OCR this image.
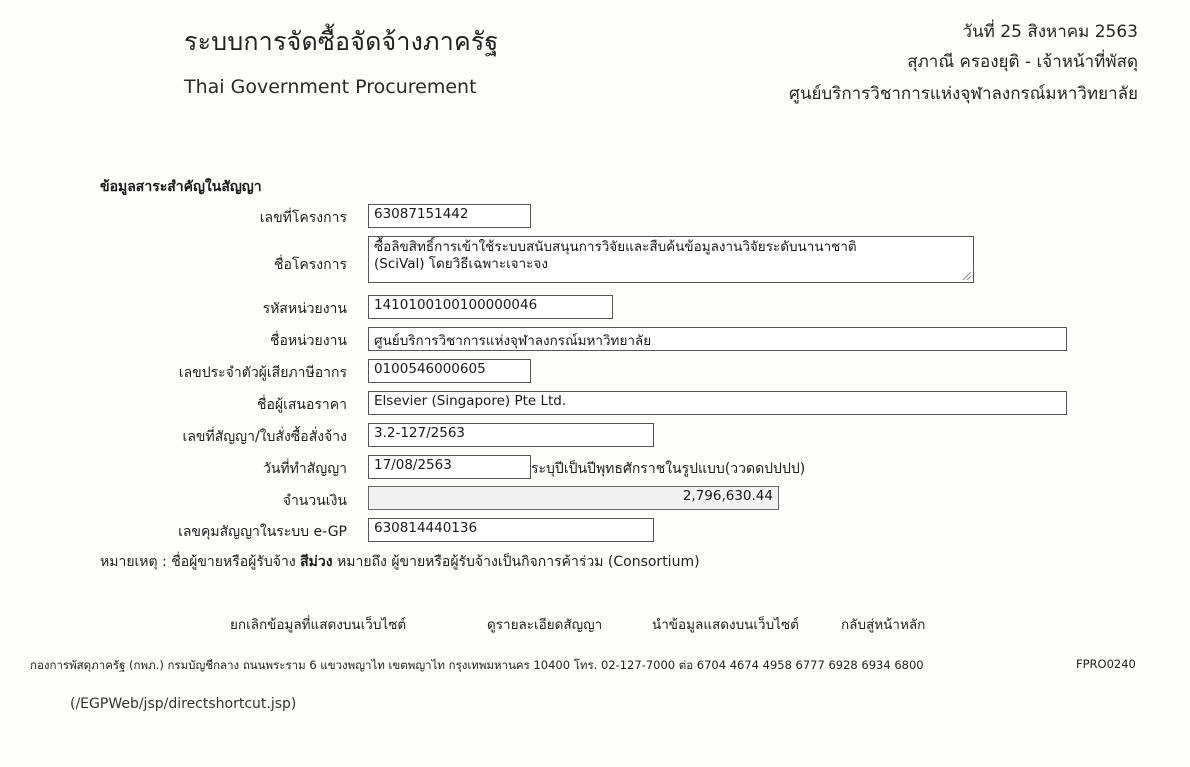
ระบบการจัดซื้อจัดจ้างภาครัฐ
Thai Government Procurement
วันที่ 25 สิงหาคม 2563
สุภาณี ครองยุติ - เจ้าหน้าที่พัสดุ
ศูนย์บริการวิชาการแห่งจุฬาลงกรณ์มหาวิทยาลัย
ข้อมูลสาระสำคัญในสัญญา
เลขที่โครงการ	63087151442
ชื่อโครงการ
ซื้อลิขสิทธิ์การเข้าใช้ระบบสนับสนุนการวิจัยและสืบค้นข้อมูลงานวิจัยระดับนานาชาติ
(SciVal) โดยวิธีเฉพาะเจาะจง
รหัสหน่วยงาน	1410100100100000046
ชื่อหน่วยงาน	ศูนย์บริการวิชาการแห่งจุฬาลงกรณ์มหาวิทยาลัย
เลขประจำตัวผู้เสียภาษีอากร	0100546000605
ชื่อผู้เสนอราคา	Elsevier (Singapore) Pte Ltd.
เลขที่สัญญา/ใบสั่งซื้อสั่งจ้าง	3.2-127/2563
วันที่ทำสัญญา	17/08/2563	ระบุปีเป็นปีพุทธศักราชในรูปแบบ(ววดดปปปป)
จำนวนเงิน	2,796,630.44
เลขคุมสัญญาในระบบ e-GP	630814440136
หมายเหตุ : ชื่อผู้ขายหรือผู้รับจ้าง สีม่วง หมายถึง ผู้ขายหรือผู้รับจ้างเป็นกิจการค้าร่วม (Consortium)
ยกเลิกข้อมูลที่แสดงบนเว็บไซต์	ดูรายละเอียดสัญญา	นำข้อมูลแสดงบนเว็บไซต์	กลับสู่หน้าหลัก
กองการพัสดุภาครัฐ (กพภ.) กรมบัญชีกลาง ถนนพระราม 6 แขวงพญาไท เขตพญาไท กรุงเทพมหานคร 10400 โทร. 02-127-7000 ต่อ 6704 4674 4958 6777 6928 6934 6800	FPRO0240
(/EGPWeb/jsp/directshortcut.jsp)
